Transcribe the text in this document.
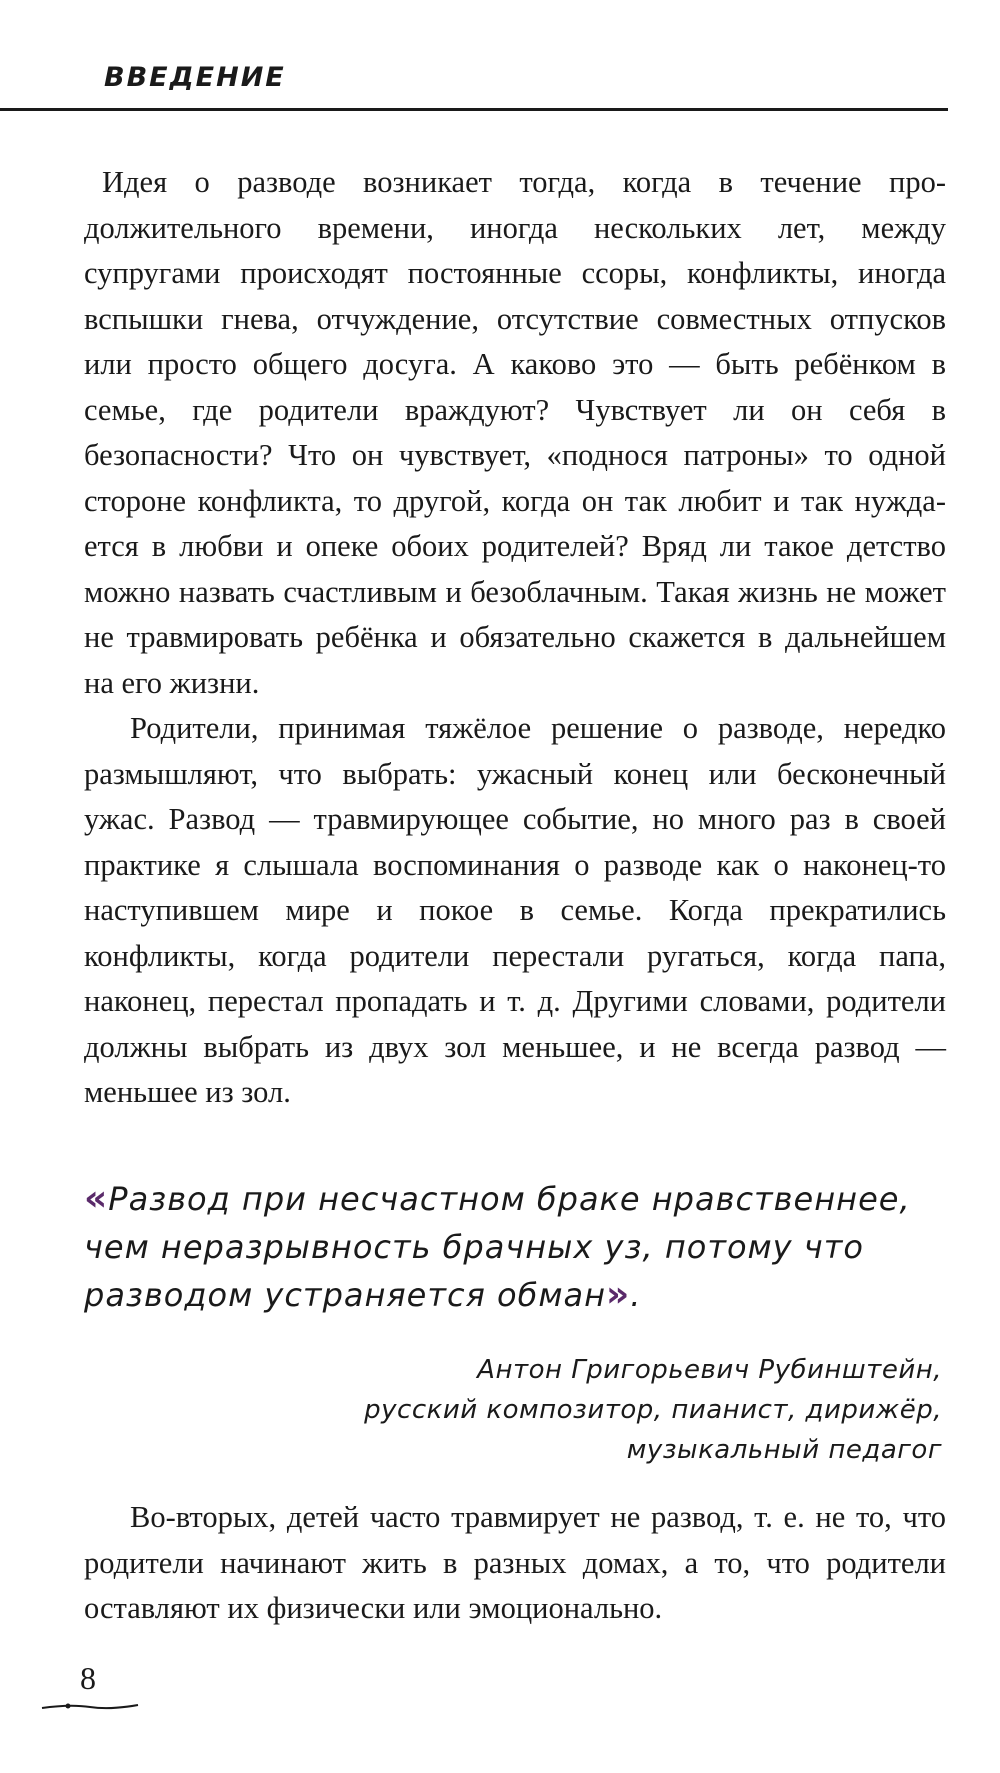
ВВЕДЕНИЕ

Идея о разводе возникает тогда, когда в течение продолжительного времени, иногда нескольких лет, между супругами происходят постоянные ссоры, конфликты, иногда вспышки гнева, отчуждение, отсутствие совместных отпусков или просто общего досуга. А каково это — быть ребёнком в семье, где родители враждуют? Чувствует ли он себя в безопасности? Что он чувствует, «поднося патроны» то одной стороне конфликта, то другой, когда он так любит и так нуждается в любви и опеке обоих родителей? Вряд ли такое детство можно назвать счастливым и безоблачным. Такая жизнь не может не травмировать ребёнка и обязательно скажется в дальнейшем на его жизни.

Родители, принимая тяжёлое решение о разводе, нередко размышляют, что выбрать: ужасный конец или бесконечный ужас. Развод — травмирующее событие, но много раз в своей практике я слышала воспоминания о разводе как о наконец-то наступившем мире и покое в семье. Когда прекратились конфликты, когда родители перестали ругаться, когда папа, наконец, перестал пропадать и т. д. Другими словами, родители должны выбрать из двух зол меньшее, и не всегда развод — меньшее из зол.

«Развод при несчастном браке нравственнее, чем неразрывность брачных уз, потому что разводом устраняется обман».
Антон Григорьевич Рубинштейн,
русский композитор, пианист, дирижёр,
музыкальный педагог

Во-вторых, детей часто травмирует не развод, т. е. не то, что родители начинают жить в разных домах, а то, что родители оставляют их физически или эмоционально.

8
